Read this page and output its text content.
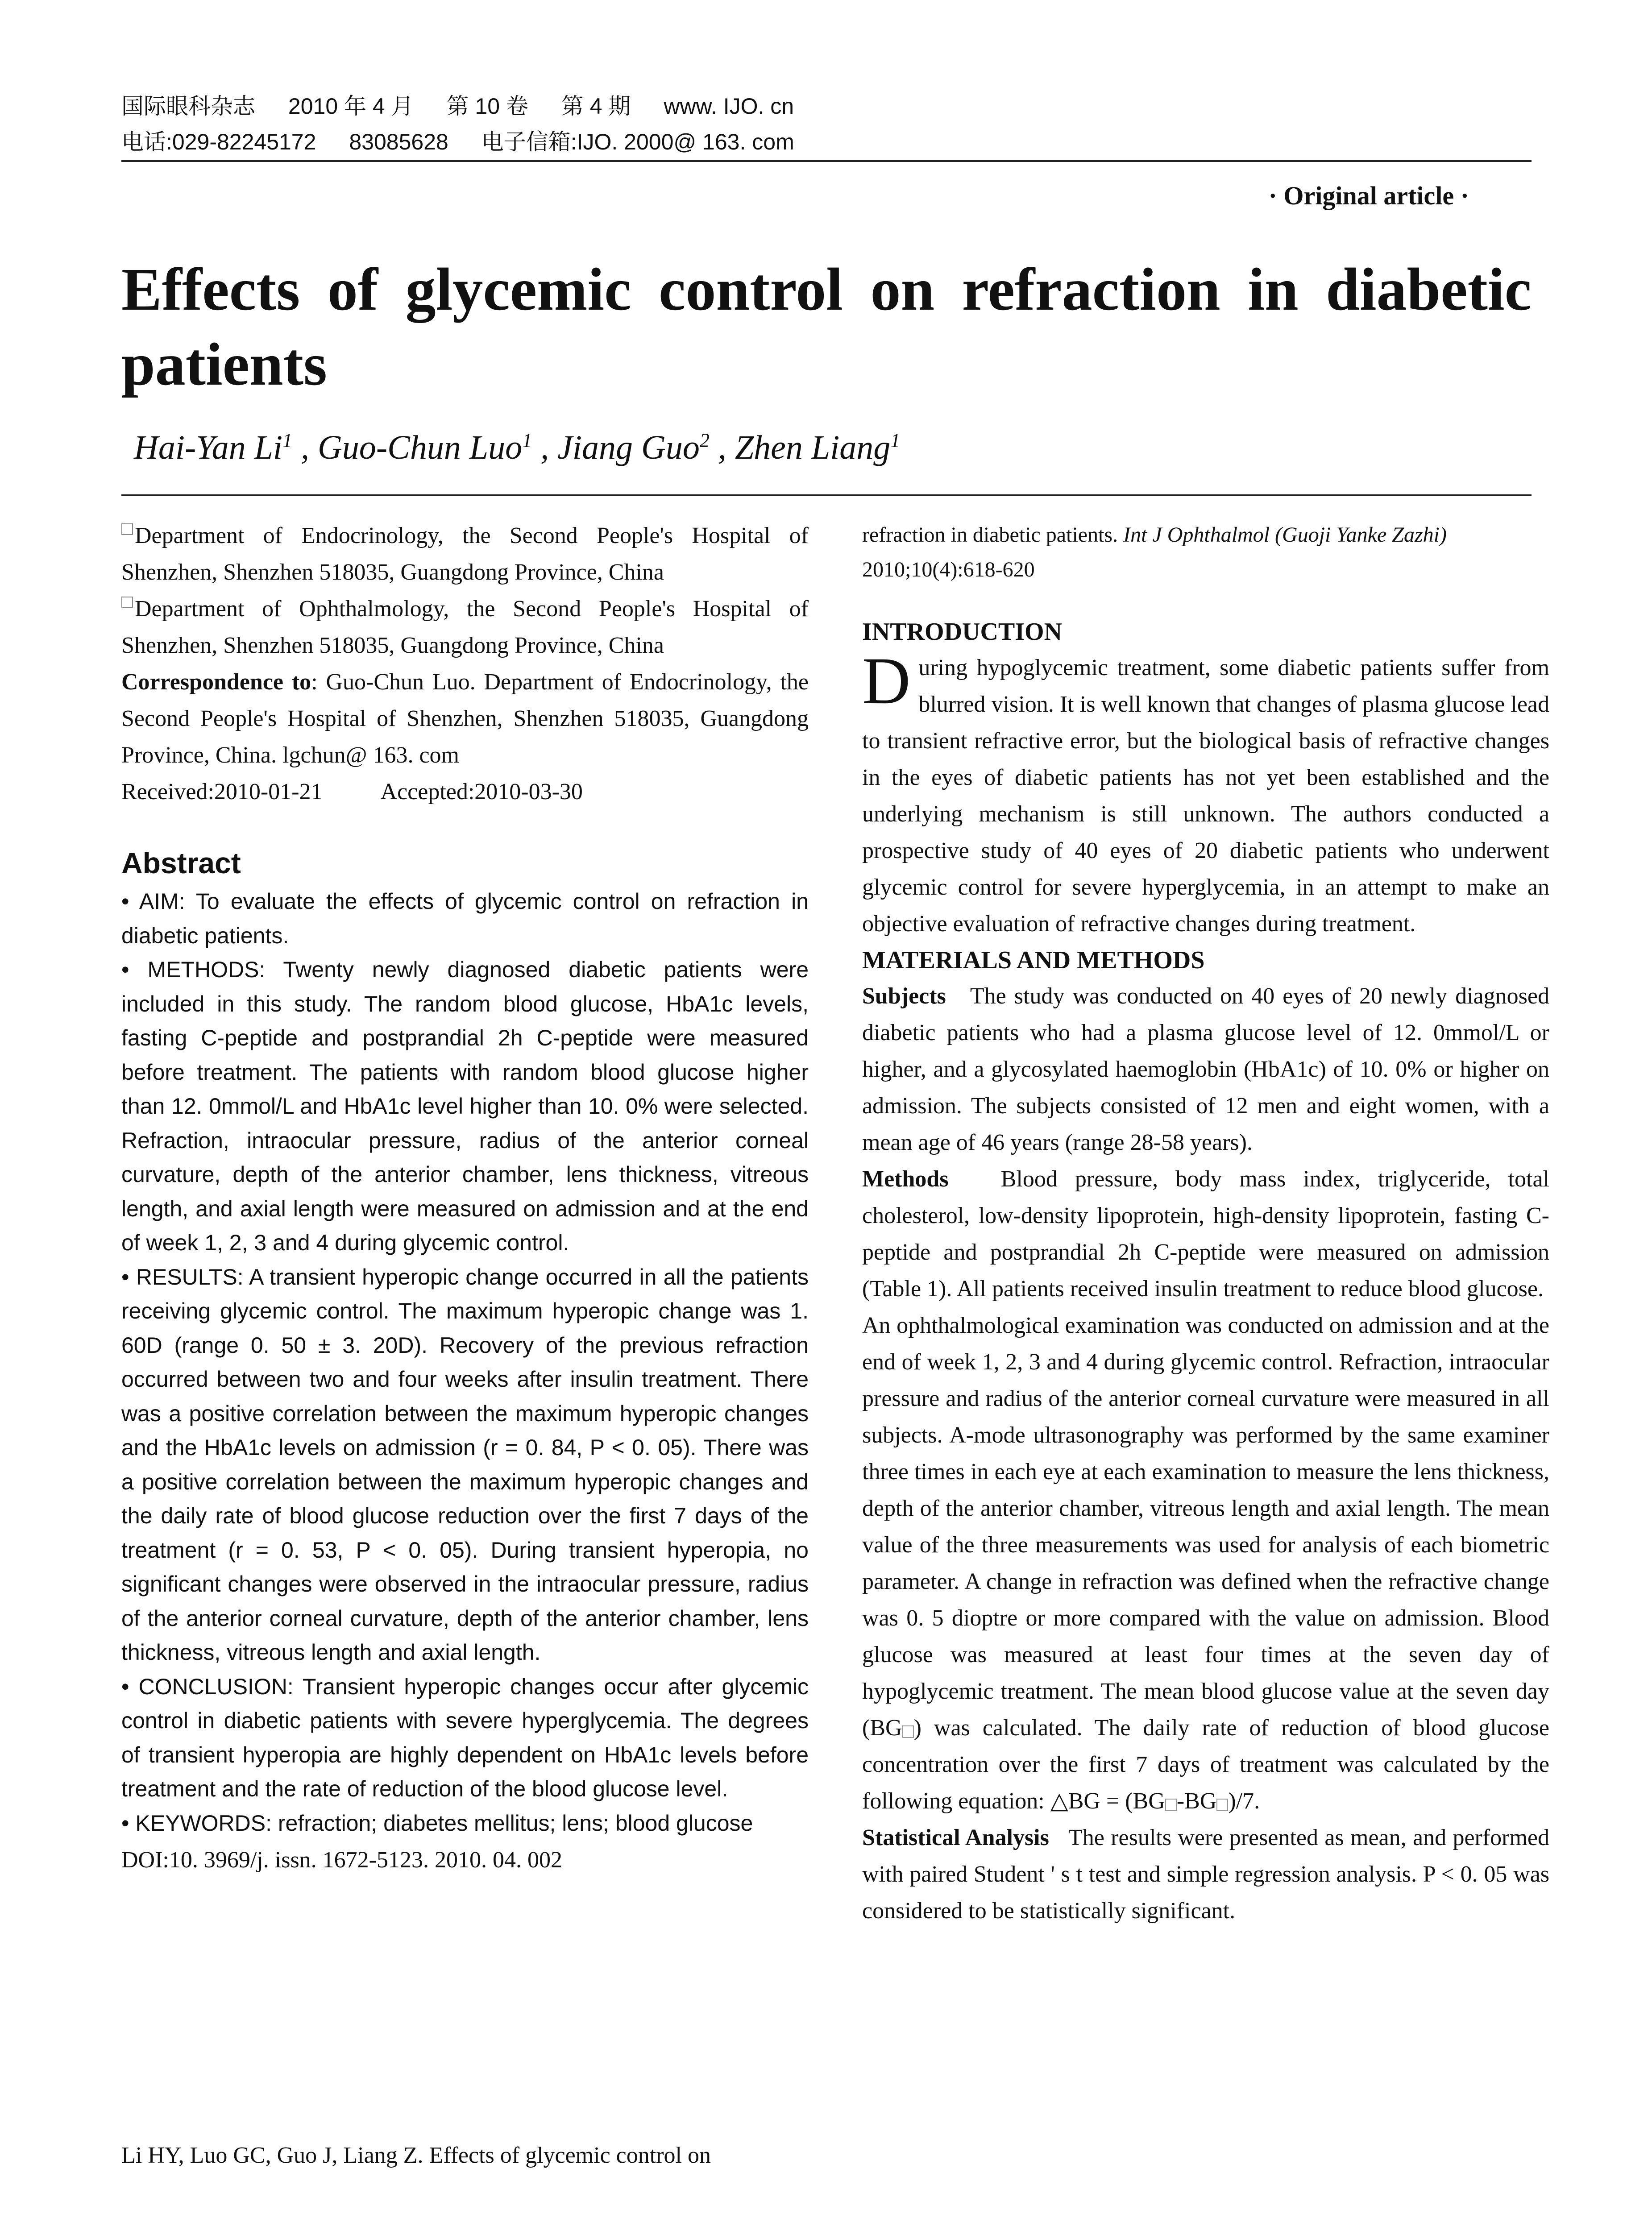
国际眼科杂志 2010 年 4 月 第 10 卷 第 4 期 www. IJO. cn
电话:029-82245172 83085628 电子信箱:IJO. 2000@ 163. com
· Original article ·
Effects of glycemic control on refraction in diabetic patients
Hai-Yan Li$^1$ , Guo-Chun Luo$^1$ , Jiang Guo$^2$ , Zhen Liang$^1$

Department of Endocrinology, the Second People's Hospital of Shenzhen, Shenzhen 518035, Guangdong Province, China

Department of Ophthalmology, the Second People's Hospital of Shenzhen, Shenzhen 518035, Guangdong Province, China

Correspondence to: Guo-Chun Luo. Department of Endocrinology, the Second People's Hospital of Shenzhen, Shenzhen 518035, Guangdong Province, China. lgchun@ 163. com

Received:2010-01-21	Accepted:2010-03-30

Abstract

• AIM: To evaluate the effects of glycemic control on refraction in diabetic patients.

• METHODS: Twenty newly diagnosed diabetic patients were included in this study. The random blood glucose, HbA1c levels, fasting C-peptide and postprandial 2h C-peptide were measured before treatment. The patients with random blood glucose higher than 12. 0mmol/L and HbA1c level higher than 10. 0% were selected. Refraction, intraocular pressure, radius of the anterior corneal curvature, depth of the anterior chamber, lens thickness, vitreous length, and axial length were measured on admission and at the end of week 1, 2, 3 and 4 during glycemic control.

• RESULTS: A transient hyperopic change occurred in all the patients receiving glycemic control. The maximum hyperopic change was 1. 60D (range 0. 50 ± 3. 20D). Recovery of the previous refraction occurred between two and four weeks after insulin treatment. There was a positive correlation between the maximum hyperopic changes and the HbA1c levels on admission (r = 0. 84, P < 0. 05). There was a positive correlation between the maximum hyperopic changes and the daily rate of blood glucose reduction over the first 7 days of the treatment (r = 0. 53, P < 0. 05). During transient hyperopia, no significant changes were observed in the intraocular pressure, radius of the anterior corneal curvature, depth of the anterior chamber, lens thickness, vitreous length and axial length.

• CONCLUSION: Transient hyperopic changes occur after glycemic control in diabetic patients with severe hyperglycemia. The degrees of transient hyperopia are highly dependent on HbA1c levels before treatment and the rate of reduction of the blood glucose level.

• KEYWORDS: refraction; diabetes mellitus; lens; blood glucose

DOI:10. 3969/j. issn. 1672-5123. 2010. 04. 002

Li HY, Luo GC, Guo J, Liang Z. Effects of glycemic control on

refraction in diabetic patients. Int J Ophthalmol (Guoji Yanke Zazhi)
2010;10(4):618-620

INTRODUCTION

During hypoglycemic treatment, some diabetic patients suffer from blurred vision. It is well known that changes of plasma glucose lead to transient refractive error, but the biological basis of refractive changes in the eyes of diabetic patients has not yet been established and the underlying mechanism is still unknown. The authors conducted a prospective study of 40 eyes of 20 diabetic patients who underwent glycemic control for severe hyperglycemia, in an attempt to make an objective evaluation of refractive changes during treatment.

MATERIALS AND METHODS

Subjects The study was conducted on 40 eyes of 20 newly diagnosed diabetic patients who had a plasma glucose level of 12. 0mmol/L or higher, and a glycosylated haemoglobin (HbA1c) of 10. 0% or higher on admission. The subjects consisted of 12 men and eight women, with a mean age of 46 years (range 28-58 years).

Methods Blood pressure, body mass index, triglyceride, total cholesterol, low-density lipoprotein, high-density lipoprotein, fasting C-peptide and postprandial 2h C-peptide were measured on admission (Table 1). All patients received insulin treatment to reduce blood glucose.

An ophthalmological examination was conducted on admission and at the end of week 1, 2, 3 and 4 during glycemic control. Refraction, intraocular pressure and radius of the anterior corneal curvature were measured in all subjects. A-mode ultrasonography was performed by the same examiner three times in each eye at each examination to measure the lens thickness, depth of the anterior chamber, vitreous length and axial length. The mean value of the three measurements was used for analysis of each biometric parameter. A change in refraction was defined when the refractive change was 0. 5 dioptre or more compared with the value on admission. Blood glucose was measured at least four times at the seven day of hypoglycemic treatment. The mean blood glucose value at the seven day (BG ) was calculated. The daily rate of reduction of blood glucose concentration over the first 7 days of treatment was calculated by the following equation: △BG = (BG -BG )/7.

Statistical Analysis The results were presented as mean, and performed with paired Student ' s t test and simple regression analysis. P < 0. 05 was considered to be statistically significant.
